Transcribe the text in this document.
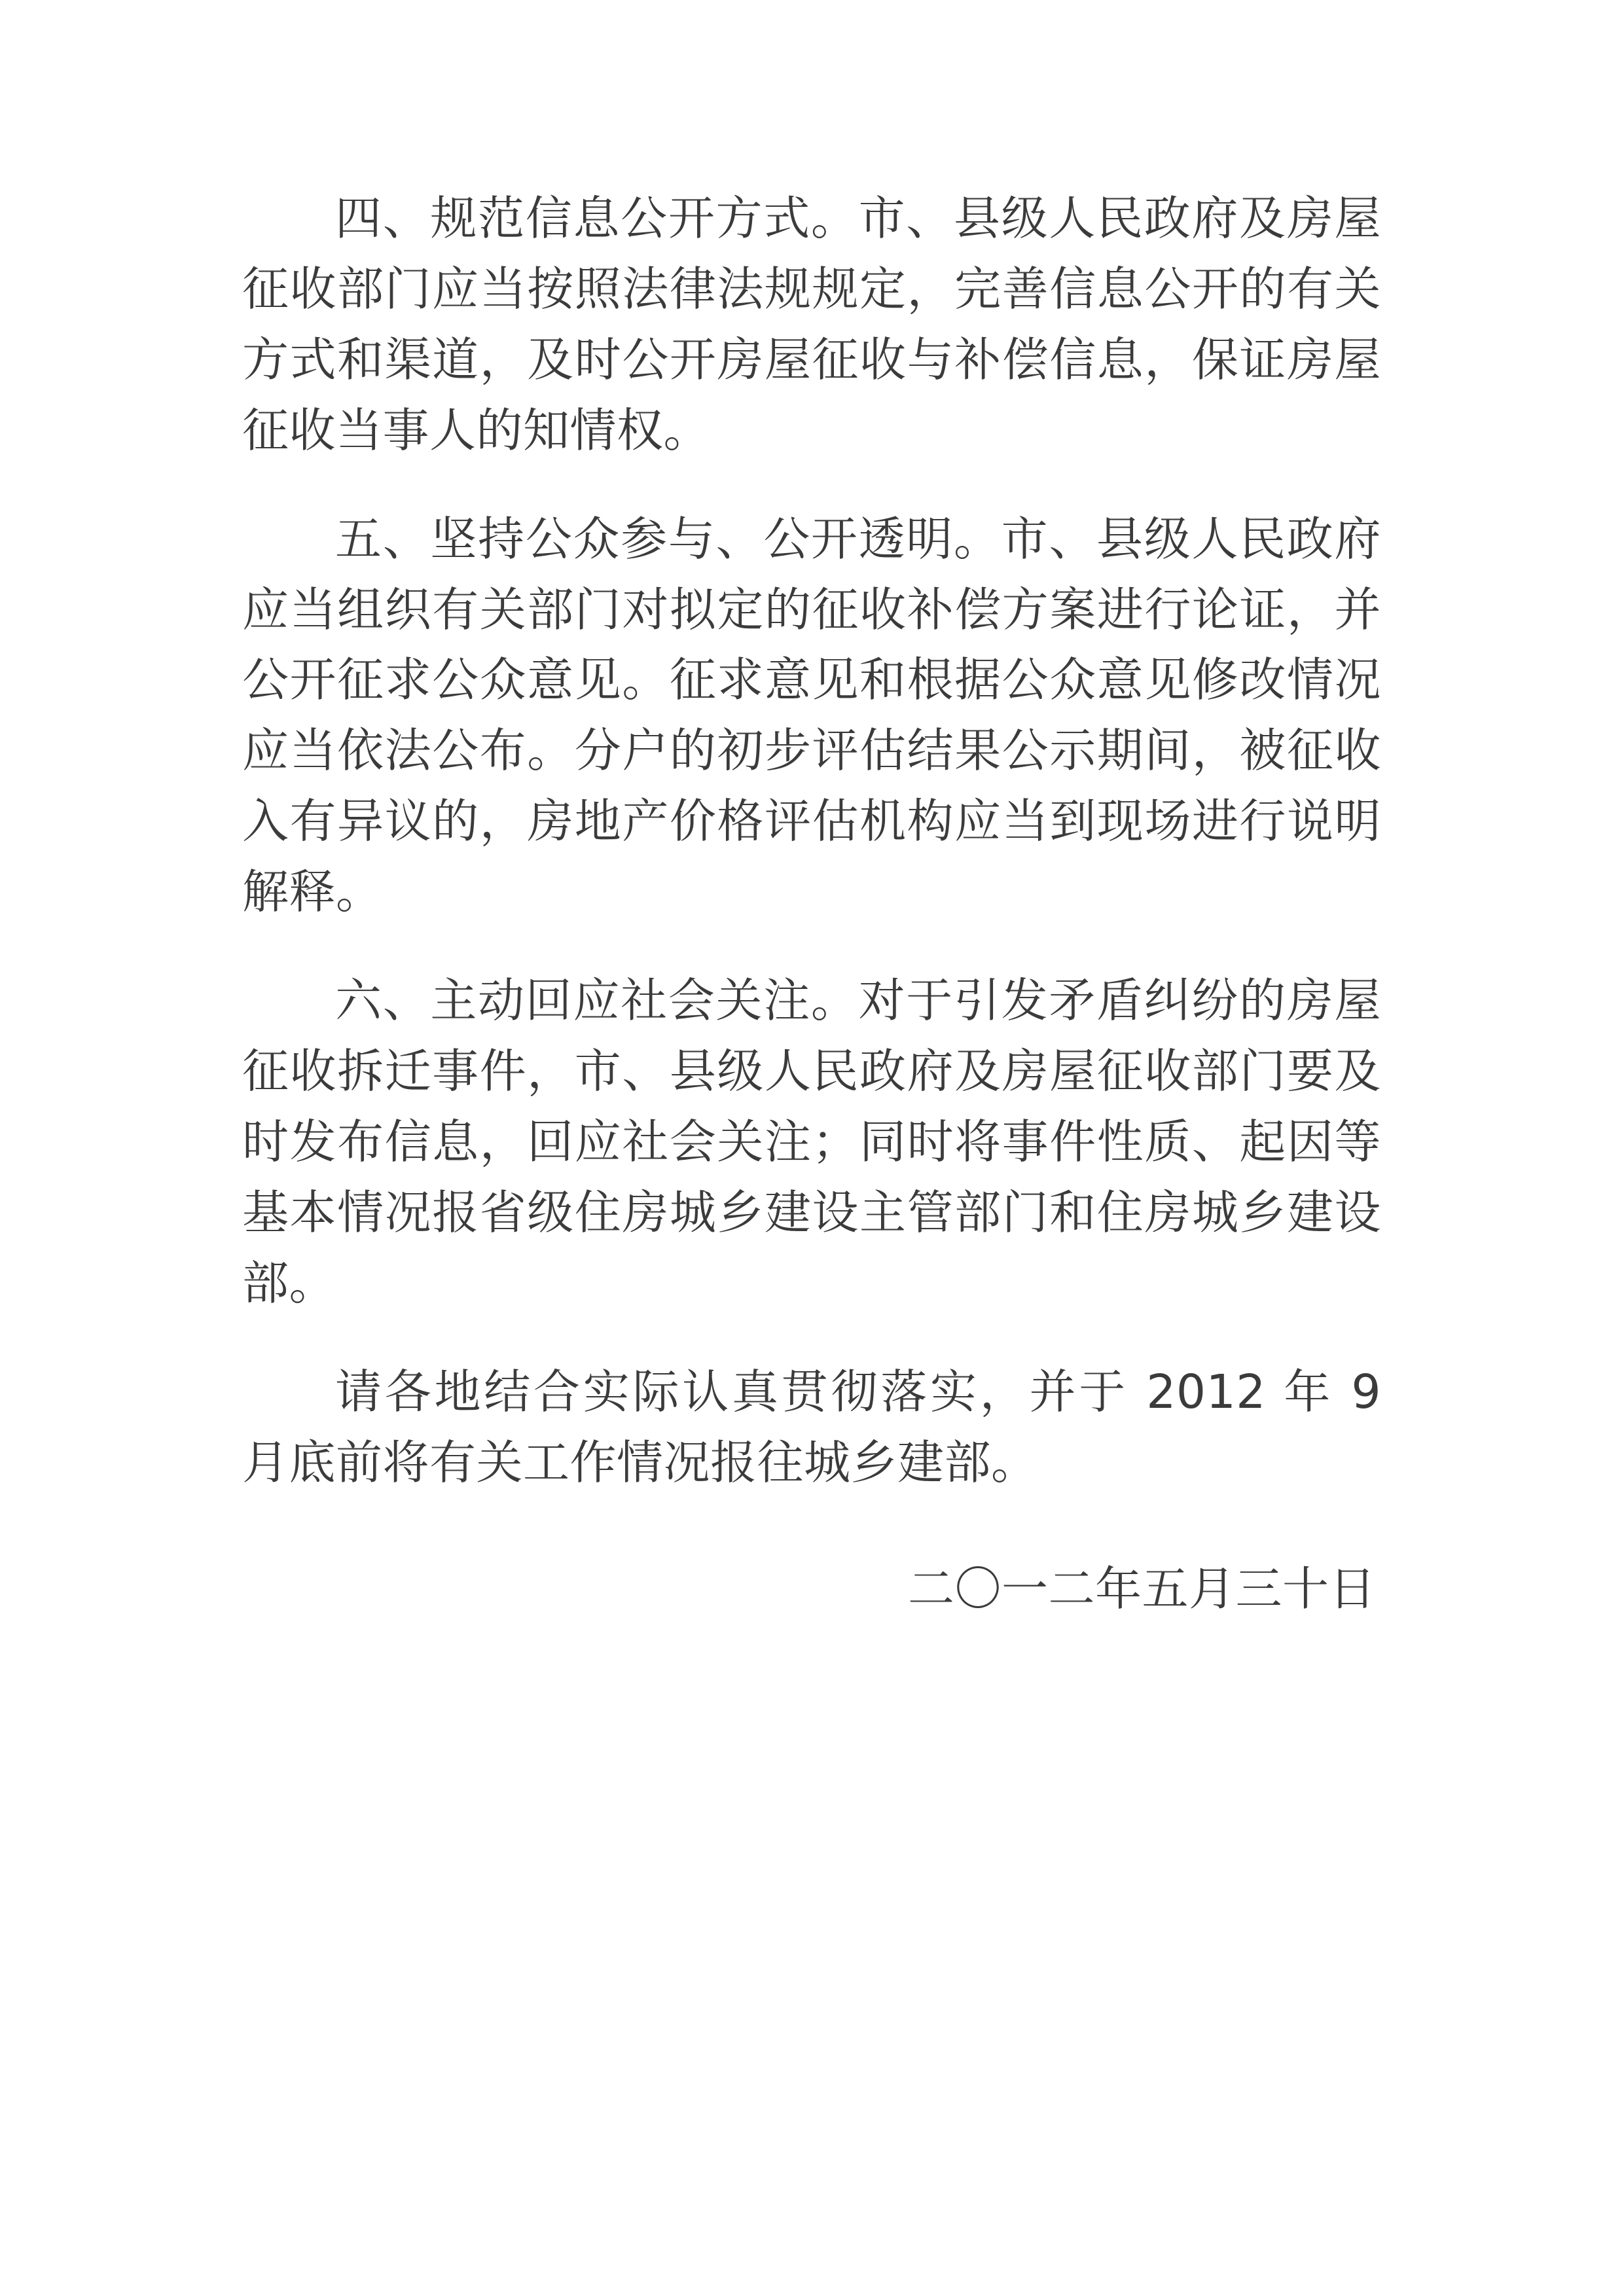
四、规范信息公开方式。市、县级人民政府及房屋征收部门应当按照法律法规规定，完善信息公开的有关方式和渠道，及时公开房屋征收与补偿信息，保证房屋征收当事人的知情权。

五、坚持公众参与、公开透明。市、县级人民政府应当组织有关部门对拟定的征收补偿方案进行论证，并公开征求公众意见。征求意见和根据公众意见修改情况应当依法公布。分户的初步评估结果公示期间，被征收入有异议的，房地产价格评估机构应当到现场进行说明解释。

六、主动回应社会关注。对于引发矛盾纠纷的房屋征收拆迁事件，市、县级人民政府及房屋征收部门要及时发布信息，回应社会关注；同时将事件性质、起因等基本情况报省级住房城乡建设主管部门和住房城乡建设部。

请各地结合实际认真贯彻落实，并于 2012 年 9 月底前将有关工作情况报往城乡建部。

二〇一二年五月三十日
